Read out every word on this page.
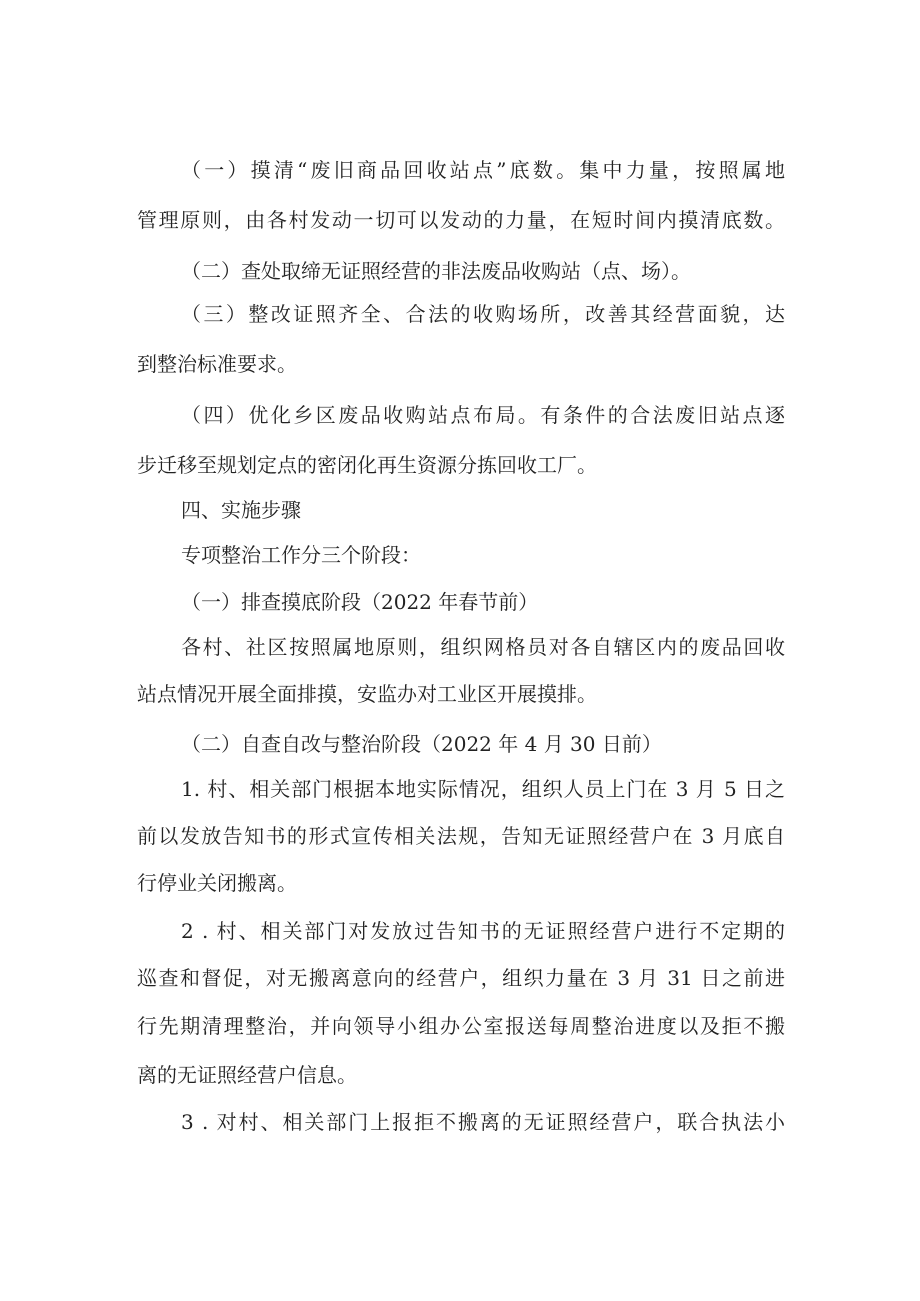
（一）摸清“废旧商品回收站点”底数。集中力量，按照属地
管理原则，由各村发动一切可以发动的力量，在短时间内摸清底数。
（二）查处取缔无证照经营的非法废品收购站（点、场）。
（三）整改证照齐全、合法的收购场所，改善其经营面貌，达
到整治标准要求。
（四）优化乡区废品收购站点布局。有条件的合法废旧站点逐
步迁移至规划定点的密闭化再生资源分拣回收工厂。
四、实施步骤
专项整治工作分三个阶段：
（一）排查摸底阶段（2022 年春节前）
各村、社区按照属地原则，组织网格员对各自辖区内的废品回收
站点情况开展全面排摸，安监办对工业区开展摸排。
（二）自查自改与整治阶段（2022 年 4 月 30 日前）
1. 村、相关部门根据本地实际情况，组织人员上门在 3 月 5 日之
前以发放告知书的形式宣传相关法规，告知无证照经营户在 3 月底自
行停业关闭搬离。
2 . 村、相关部门对发放过告知书的无证照经营户进行不定期的
巡查和督促，对无搬离意向的经营户，组织力量在 3 月 31 日之前进
行先期清理整治，并向领导小组办公室报送每周整治进度以及拒不搬
离的无证照经营户信息。
3 . 对村、相关部门上报拒不搬离的无证照经营户，联合执法小
